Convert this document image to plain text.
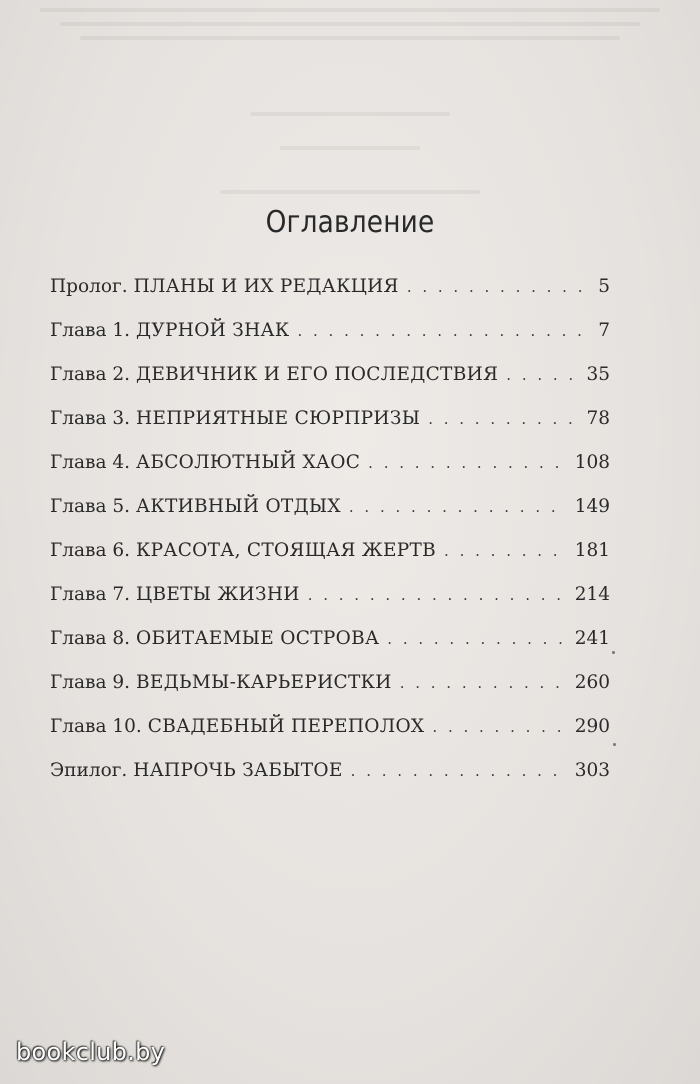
Оглавление
Пролог. ПЛАНЫ И ИХ РЕДАКЦИЯ . . .	5
Глава 1. ДУРНОЙ ЗНАК . . .	7
Глава 2. ДЕВИЧНИК И ЕГО ПОСЛЕДСТВИЯ . . .	35
Глава 3. НЕПРИЯТНЫЕ СЮРПРИЗЫ . . .	78
Глава 4. АБСОЛЮТНЫЙ ХАОС . . .	108
Глава 5. АКТИВНЫЙ ОТДЫХ . . .	149
Глава 6. КРАСОТА, СТОЯЩАЯ ЖЕРТВ . . .	181
Глава 7. ЦВЕТЫ ЖИЗНИ . . .	214
Глава 8. ОБИТАЕМЫЕ ОСТРОВА . . .	241
Глава 9. ВЕДЬМЫ-КАРЬЕРИСТКИ . . .	260
Глава 10. СВАДЕБНЫЙ ПЕРЕПОЛОХ . . .	290
Эпилог. НАПРОЧЬ ЗАБЫТОЕ . . .	303
bookclub.by
